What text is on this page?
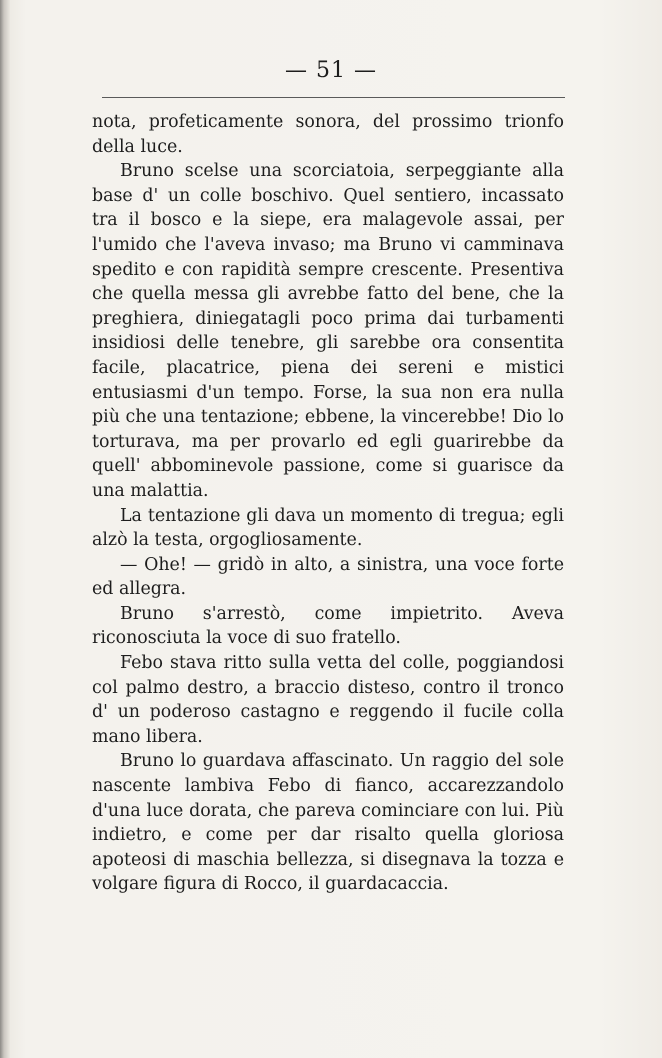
— 51 —

nota, profeticamente sonora, del prossimo trionfo della luce.

Bruno scelse una scorciatoia, serpeggiante alla base d' un colle boschivo. Quel sentiero, incassato tra il bosco e la siepe, era malagevole assai, per l'umido che l'aveva invaso; ma Bruno vi camminava spedito e con rapidità sempre crescente. Presentiva che quella messa gli avrebbe fatto del bene, che la preghiera, diniegatagli poco prima dai turbamenti insidiosi delle tenebre, gli sarebbe ora consentita facile, placatrice, piena dei sereni e mistici entusiasmi d'un tempo. Forse, la sua non era nulla più che una tentazione; ebbene, la vincerebbe! Dio lo torturava, ma per provarlo ed egli guarirebbe da quell' abbominevole passione, come si guarisce da una malattia.

La tentazione gli dava un momento di tregua; egli alzò la testa, orgogliosamente.

— Ohe! — gridò in alto, a sinistra, una voce forte ed allegra.

Bruno s'arrestò, come impietrito. Aveva riconosciuta la voce di suo fratello.

Febo stava ritto sulla vetta del colle, poggiandosi col palmo destro, a braccio disteso, contro il tronco d' un poderoso castagno e reggendo il fucile colla mano libera.

Bruno lo guardava affascinato. Un raggio del sole nascente lambiva Febo di fianco, accarezzandolo d'una luce dorata, che pareva cominciare con lui. Più indietro, e come per dar risalto quella gloriosa apoteosi di maschia bellezza, si disegnava la tozza e volgare figura di Rocco, il guardacaccia.
